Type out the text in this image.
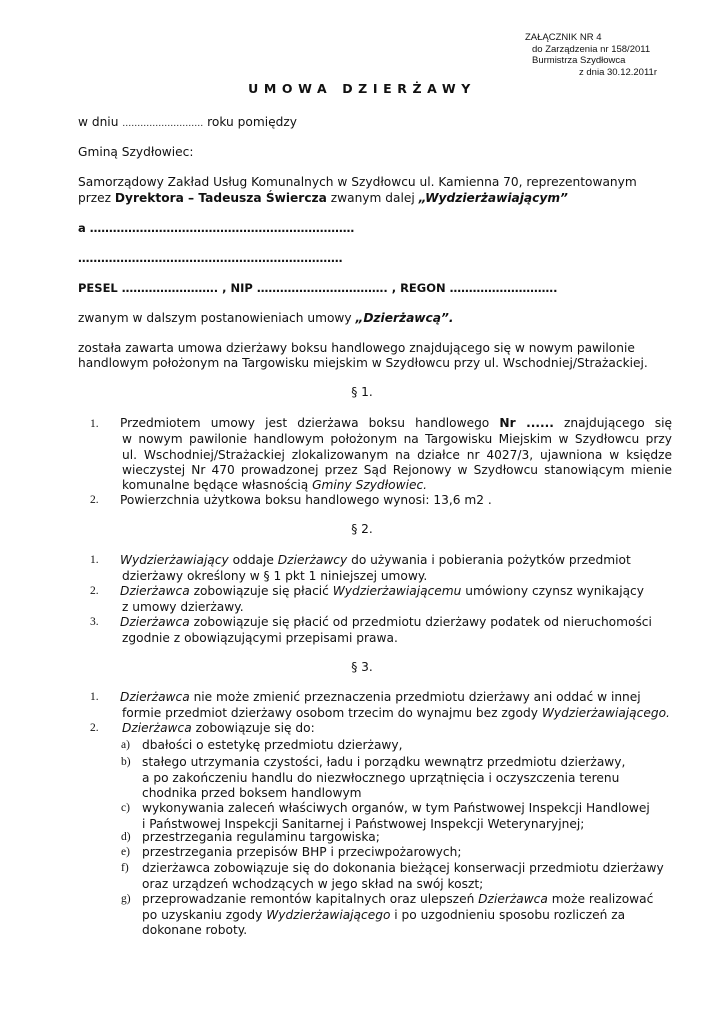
ZAŁĄCZNIK NR 4
do Zarządzenia nr 158/2011
Burmistrza Szydłowca
z dnia 30.12.2011r
UMOWA DZIERŻAWY
w dniu ……………………… roku pomiędzy
Gminą Szydłowiec:
Samorządowy Zakład Usług Komunalnych w Szydłowcu ul. Kamienna 70, reprezentowanym
przez Dyrektora – Tadeusza Świercza zwanym dalej „Wydzierżawiającym”
a ……………………………………………………………
……………………………………………………………
PESEL ……………………. , NIP ……………………………. , REGON ……………………….
zwanym w dalszym postanowieniach umowy „Dzierżawcą”.
została zawarta umowa dzierżawy boksu handlowego znajdującego się w nowym pawilonie
handlowym położonym na Targowisku miejskim w Szydłowcu przy ul. Wschodniej/Strażackiej.
§ 1.
1. Przedmiotem umowy jest dzierżawa boksu handlowego Nr ...... znajdującego się
w nowym pawilonie handlowym położonym na Targowisku Miejskim w Szydłowcu przy
ul. Wschodniej/Strażackiej zlokalizowanym na działce nr 4027/3, ujawniona w księdze
wieczystej Nr 470 prowadzonej przez Sąd Rejonowy w Szydłowcu stanowiącym mienie
komunalne będące własnością Gminy Szydłowiec.
2. Powierzchnia użytkowa boksu handlowego wynosi: 13,6 m2 .
§ 2.
1. Wydzierżawiający oddaje Dzierżawcy do używania i pobierania pożytków przedmiot
dzierżawy określony w § 1 pkt 1 niniejszej umowy.
2. Dzierżawca zobowiązuje się płacić Wydzierżawiającemu umówiony czynsz wynikający
z umowy dzierżawy.
3. Dzierżawca zobowiązuje się płacić od przedmiotu dzierżawy podatek od nieruchomości
zgodnie z obowiązującymi przepisami prawa.
§ 3.
1. Dzierżawca nie może zmienić przeznaczenia przedmiotu dzierżawy ani oddać w innej
formie przedmiot dzierżawy osobom trzecim do wynajmu bez zgody Wydzierżawiającego.
2. Dzierżawca zobowiązuje się do:
a) dbałości o estetykę przedmiotu dzierżawy,
b) stałego utrzymania czystości, ładu i porządku wewnątrz przedmiotu dzierżawy,
a po zakończeniu handlu do niezwłocznego uprzątnięcia i oczyszczenia terenu
chodnika przed boksem handlowym
c) wykonywania zaleceń właściwych organów, w tym Państwowej Inspekcji Handlowej
i Państwowej Inspekcji Sanitarnej i Państwowej Inspekcji Weterynaryjnej;
d) przestrzegania regulaminu targowiska;
e) przestrzegania przepisów BHP i przeciwpożarowych;
f) dzierżawca zobowiązuje się do dokonania bieżącej konserwacji przedmiotu dzierżawy
oraz urządzeń wchodzących w jego skład na swój koszt;
g) przeprowadzanie remontów kapitalnych oraz ulepszeń Dzierżawca może realizować
po uzyskaniu zgody Wydzierżawiającego i po uzgodnieniu sposobu rozliczeń za
dokonane roboty.
